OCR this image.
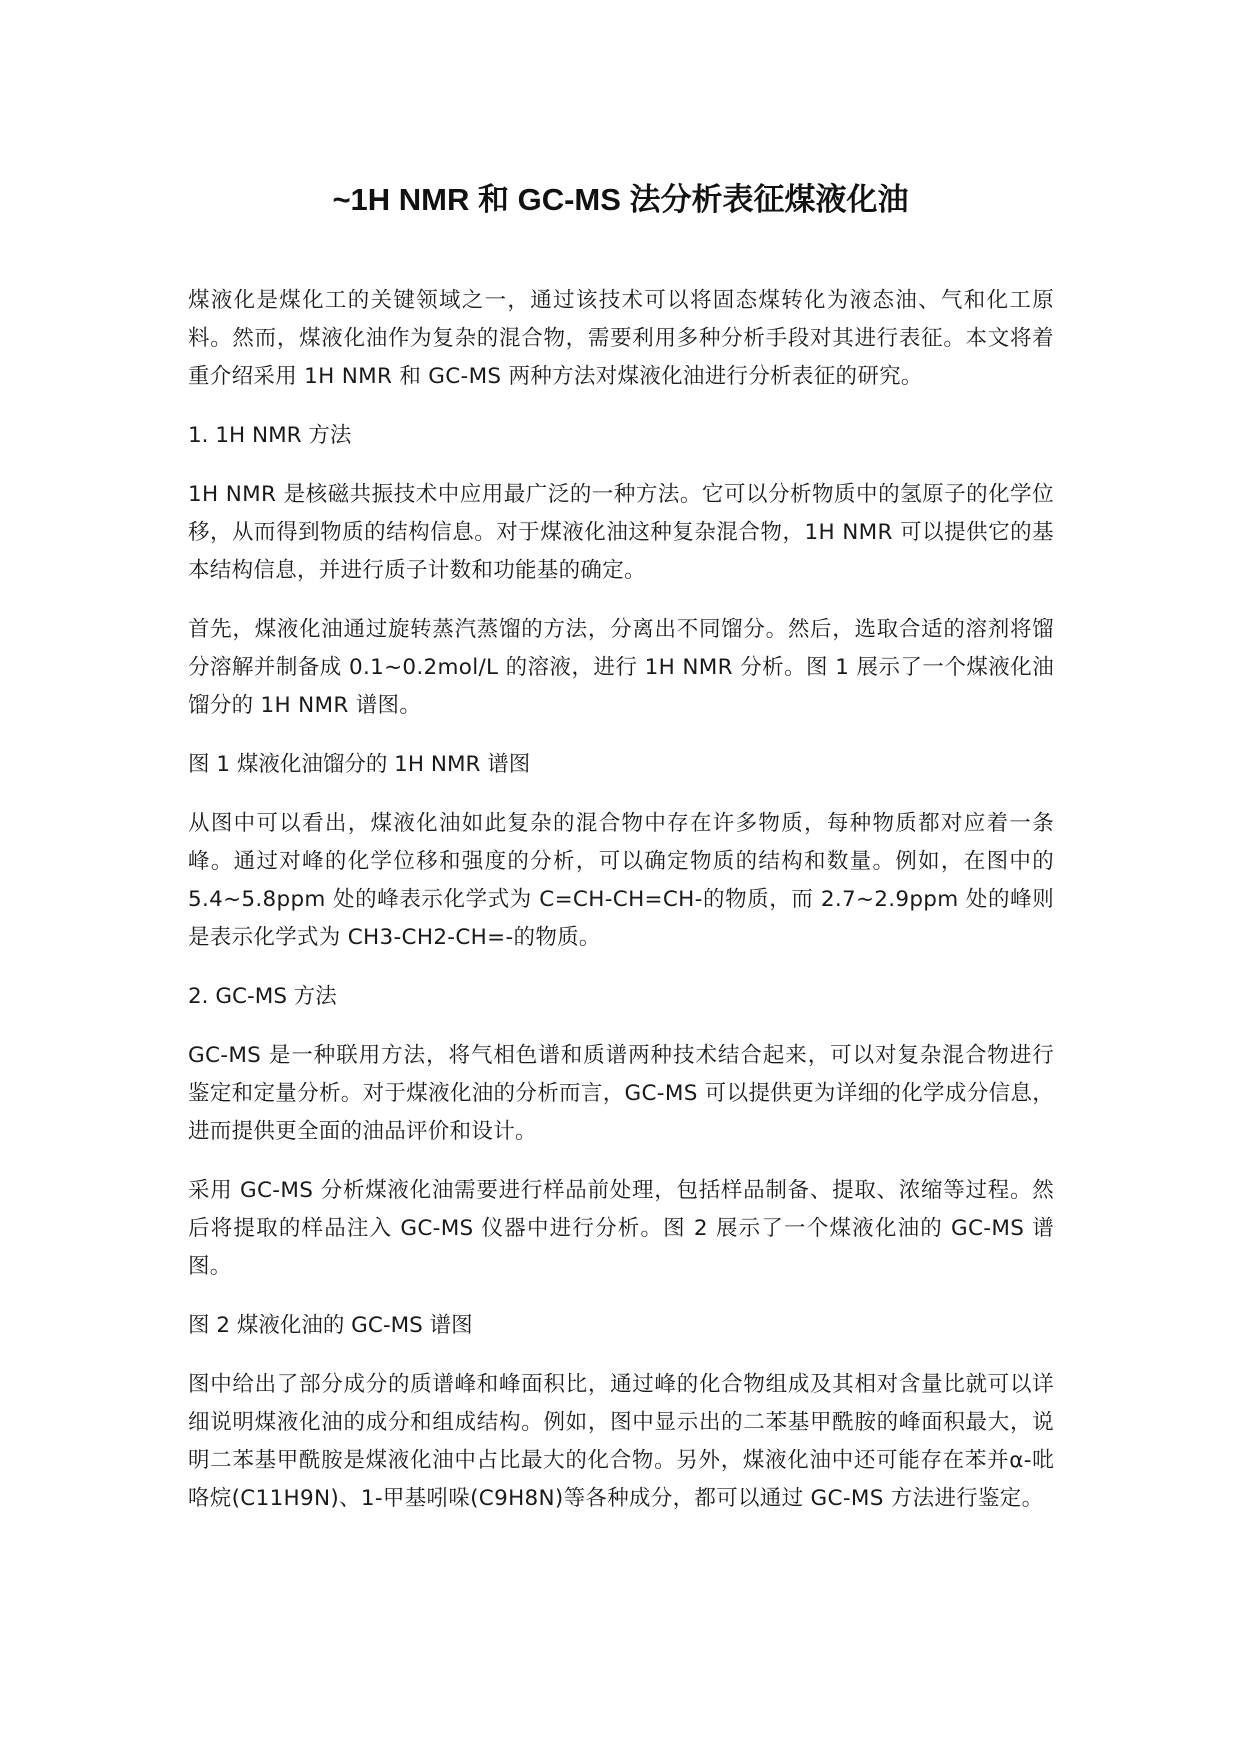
~1H NMR 和 GC-MS 法分析表征煤液化油

煤液化是煤化工的关键领域之一，通过该技术可以将固态煤转化为液态油、气和化工原料。然而，煤液化油作为复杂的混合物，需要利用多种分析手段对其进行表征。本文将着重介绍采用 1H NMR 和 GC-MS 两种方法对煤液化油进行分析表征的研究。

1. 1H NMR 方法

1H NMR 是核磁共振技术中应用最广泛的一种方法。它可以分析物质中的氢原子的化学位移，从而得到物质的结构信息。对于煤液化油这种复杂混合物，1H NMR 可以提供它的基本结构信息，并进行质子计数和功能基的确定。

首先，煤液化油通过旋转蒸汽蒸馏的方法，分离出不同馏分。然后，选取合适的溶剂将馏分溶解并制备成 0.1~0.2mol/L 的溶液，进行 1H NMR 分析。图 1 展示了一个煤液化油馏分的 1H NMR 谱图。

图 1 煤液化油馏分的 1H NMR 谱图

从图中可以看出，煤液化油如此复杂的混合物中存在许多物质，每种物质都对应着一条峰。通过对峰的化学位移和强度的分析，可以确定物质的结构和数量。例如，在图中的 5.4~5.8ppm 处的峰表示化学式为 C=CH-CH=CH-的物质，而 2.7~2.9ppm 处的峰则是表示化学式为 CH3-CH2-CH=-的物质。

2. GC-MS 方法

GC-MS 是一种联用方法，将气相色谱和质谱两种技术结合起来，可以对复杂混合物进行 鉴定和定量分析。对于煤液化油的分析而言，GC-MS 可以提供更为详细的化学成分信息，进而提供更全面的油品评价和设计。

采用 GC-MS 分析煤液化油需要进行样品前处理，包括样品制备、提取、浓缩等过程。然后将提取的样品注入 GC-MS 仪器中进行分析。图 2 展示了一个煤液化油的 GC-MS 谱图。

图 2 煤液化油的 GC-MS 谱图

图中给出了部分成分的质谱峰和峰面积比，通过峰的化合物组成及其相对含量比就可以详细说明煤液化油的成分和组成结构。例如，图中显示出的二苯基甲酰胺的峰面积最大，说明二苯基甲酰胺是煤液化油中占比最大的化合物。另外，煤液化油中还可能存在苯并α-吡咯烷(C11H9N)、1-甲基吲哚(C9H8N)等各种成分，都可以通过 GC-MS 方法进行鉴定。
